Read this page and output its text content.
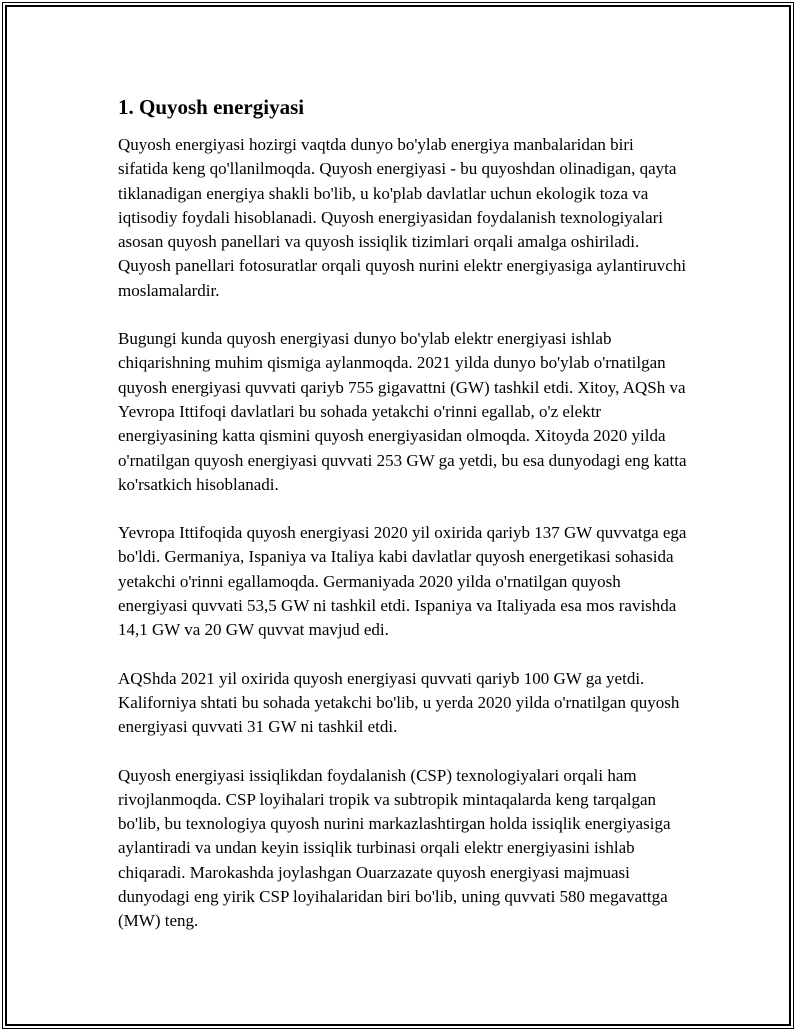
1. Quyosh energiyasi

Quyosh energiyasi hozirgi vaqtda dunyo bo'ylab energiya manbalaridan biri sifatida keng qo'llanilmoqda. Quyosh energiyasi - bu quyoshdan olinadigan, qayta tiklanadigan energiya shakli bo'lib, u ko'plab davlatlar uchun ekologik toza va iqtisodiy foydali hisoblanadi. Quyosh energiyasidan foydalanish texnologiyalari asosan quyosh panellari va quyosh issiqlik tizimlari orqali amalga oshiriladi. Quyosh panellari fotosuratlar orqali quyosh nurini elektr energiyasiga aylantiruvchi moslamalardir.

Bugungi kunda quyosh energiyasi dunyo bo'ylab elektr energiyasi ishlab chiqarishning muhim qismiga aylanmoqda. 2021 yilda dunyo bo'ylab o'rnatilgan quyosh energiyasi quvvati qariyb 755 gigavattni (GW) tashkil etdi. Xitoy, AQSh va Yevropa Ittifoqi davlatlari bu sohada yetakchi o'rinni egallab, o'z elektr energiyasining katta qismini quyosh energiyasidan olmoqda. Xitoyda 2020 yilda o'rnatilgan quyosh energiyasi quvvati 253 GW ga yetdi, bu esa dunyodagi eng katta ko'rsatkich hisoblanadi.

Yevropa Ittifoqida quyosh energiyasi 2020 yil oxirida qariyb 137 GW quvvatga ega bo'ldi. Germaniya, Ispaniya va Italiya kabi davlatlar quyosh energetikasi sohasida yetakchi o'rinni egallamoqda. Germaniyada 2020 yilda o'rnatilgan quyosh energiyasi quvvati 53,5 GW ni tashkil etdi. Ispaniya va Italiyada esa mos ravishda 14,1 GW va 20 GW quvvat mavjud edi.

AQShda 2021 yil oxirida quyosh energiyasi quvvati qariyb 100 GW ga yetdi. Kaliforniya shtati bu sohada yetakchi bo'lib, u yerda 2020 yilda o'rnatilgan quyosh energiyasi quvvati 31 GW ni tashkil etdi.

Quyosh energiyasi issiqlikdan foydalanish (CSP) texnologiyalari orqali ham rivojlanmoqda. CSP loyihalari tropik va subtropik mintaqalarda keng tarqalgan bo'lib, bu texnologiya quyosh nurini markazlashtirgan holda issiqlik energiyasiga aylantiradi va undan keyin issiqlik turbinasi orqali elektr energiyasini ishlab chiqaradi. Marokashda joylashgan Ouarzazate quyosh energiyasi majmuasi dunyodagi eng yirik CSP loyihalaridan biri bo'lib, uning quvvati 580 megavattga (MW) teng.
